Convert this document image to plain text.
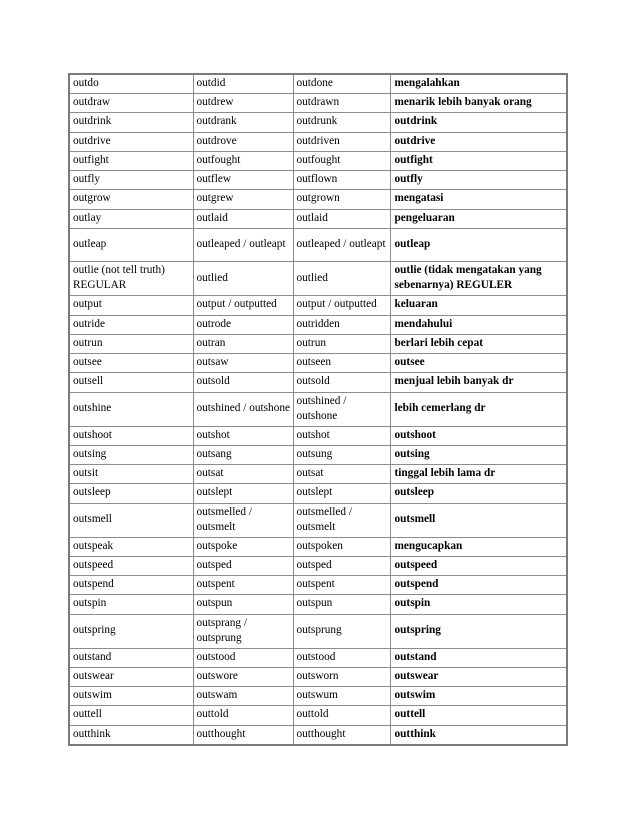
outdo	outdid	outdone	mengalahkan
outdraw	outdrew	outdrawn	menarik lebih banyak orang
outdrink	outdrank	outdrunk	outdrink
outdrive	outdrove	outdriven	outdrive
outfight	outfought	outfought	outfight
outfly	outflew	outflown	outfly
outgrow	outgrew	outgrown	mengatasi
outlay	outlaid	outlaid	pengeluaran
outleap	outleaped / outleapt	outleaped / outleapt	outleap
outlie (not tell truth) REGULAR	outlied	outlied	outlie (tidak mengatakan yang sebenarnya) REGULER
output	output / outputted	output / outputted	keluaran
outride	outrode	outridden	mendahului
outrun	outran	outrun	berlari lebih cepat
outsee	outsaw	outseen	outsee
outsell	outsold	outsold	menjual lebih banyak dr
outshine	outshined / outshone	outshined / outshone	lebih cemerlang dr
outshoot	outshot	outshot	outshoot
outsing	outsang	outsung	outsing
outsit	outsat	outsat	tinggal lebih lama dr
outsleep	outslept	outslept	outsleep
outsmell	outsmelled / outsmelt	outsmelled / outsmelt	outsmell
outspeak	outspoke	outspoken	mengucapkan
outspeed	outsped	outsped	outspeed
outspend	outspent	outspent	outspend
outspin	outspun	outspun	outspin
outspring	outsprang / outsprung	outsprung	outspring
outstand	outstood	outstood	outstand
outswear	outswore	outsworn	outswear
outswim	outswam	outswum	outswim
outtell	outtold	outtold	outtell
outthink	outthought	outthought	outthink
